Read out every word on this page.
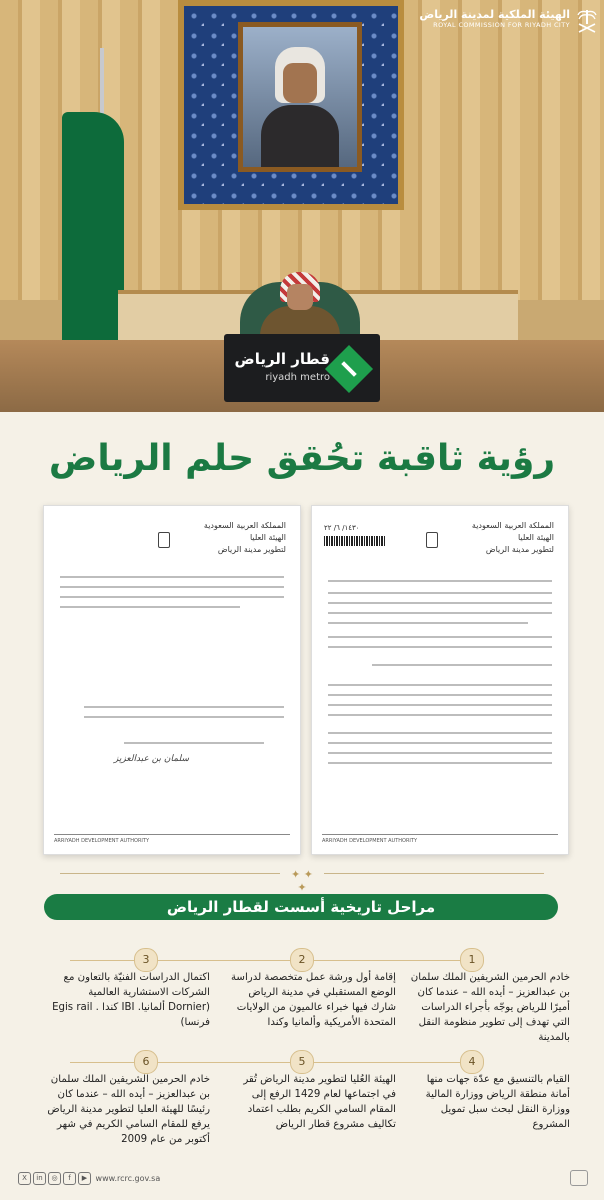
قطار الرياض
riyadh metro
الهيئة الملكية لمدينة الرياض
ROYAL COMMISSION FOR RIYADH CITY
رؤية ثاقبة تحُقق حلم الرياض
المملكة العربية السعودية
الهيئة العليا
لتطوير مدينة الرياض
سلمان بن عبدالعزيز
ARRIYADH DEVELOPMENT AUTHORITY
١٤٣٠/ ٦/ ٢٢	المملكة العربية السعودية
الهيئة العليا
لتطوير مدينة الرياض
ARRIYADH DEVELOPMENT AUTHORITY
✦ ✦ ✦
مراحل تاريخية أسست لقطار الرياض
1
2
3
خادم الحرمين الشريفين الملك سلمان بن عبدالعزيز – أيده الله – عندما كان أميرًا للرياض يوجّه بأجراء الدراسات التي تهدف إلى تطوير منظومة النقل بالمدينة
إقامة أول ورشة عمل متخصصة لدراسة الوضع المستقبلي في مدينة الرياض شارك فيها خبراء عالميون من الولايات المتحدة الأمريكية وألمانيا وكندا
اكتمال الدراسات الفنيّة بالتعاون مع الشركات الاستشارية العالمية (Dornier ألمانيا. IBI كندا . Egis rail فرنسا)
4
5
6
القيام بالتنسيق مع عدّة جهات منها أمانة منطقة الرياض ووزارة المالية ووزارة النقل لبحث سبل تمويل المشروع
الهيئة العُليا لتطوير مدينة الرياض تُقر في اجتماعها لعام 1429 الرفع إلى المقام السامي الكريم بطلب اعتماد تكاليف مشروع قطار الرياض
خادم الحرمين الشريفين الملك سلمان بن عبدالعزيز – أيده الله – عندما كان رئيسًا للهيئة العليا لتطوير مدينة الرياض يرفع للمقام السامي الكريم في شهر أكتوبر من عام 2009
X in ◎ f ▶ www.rcrc.gov.sa
